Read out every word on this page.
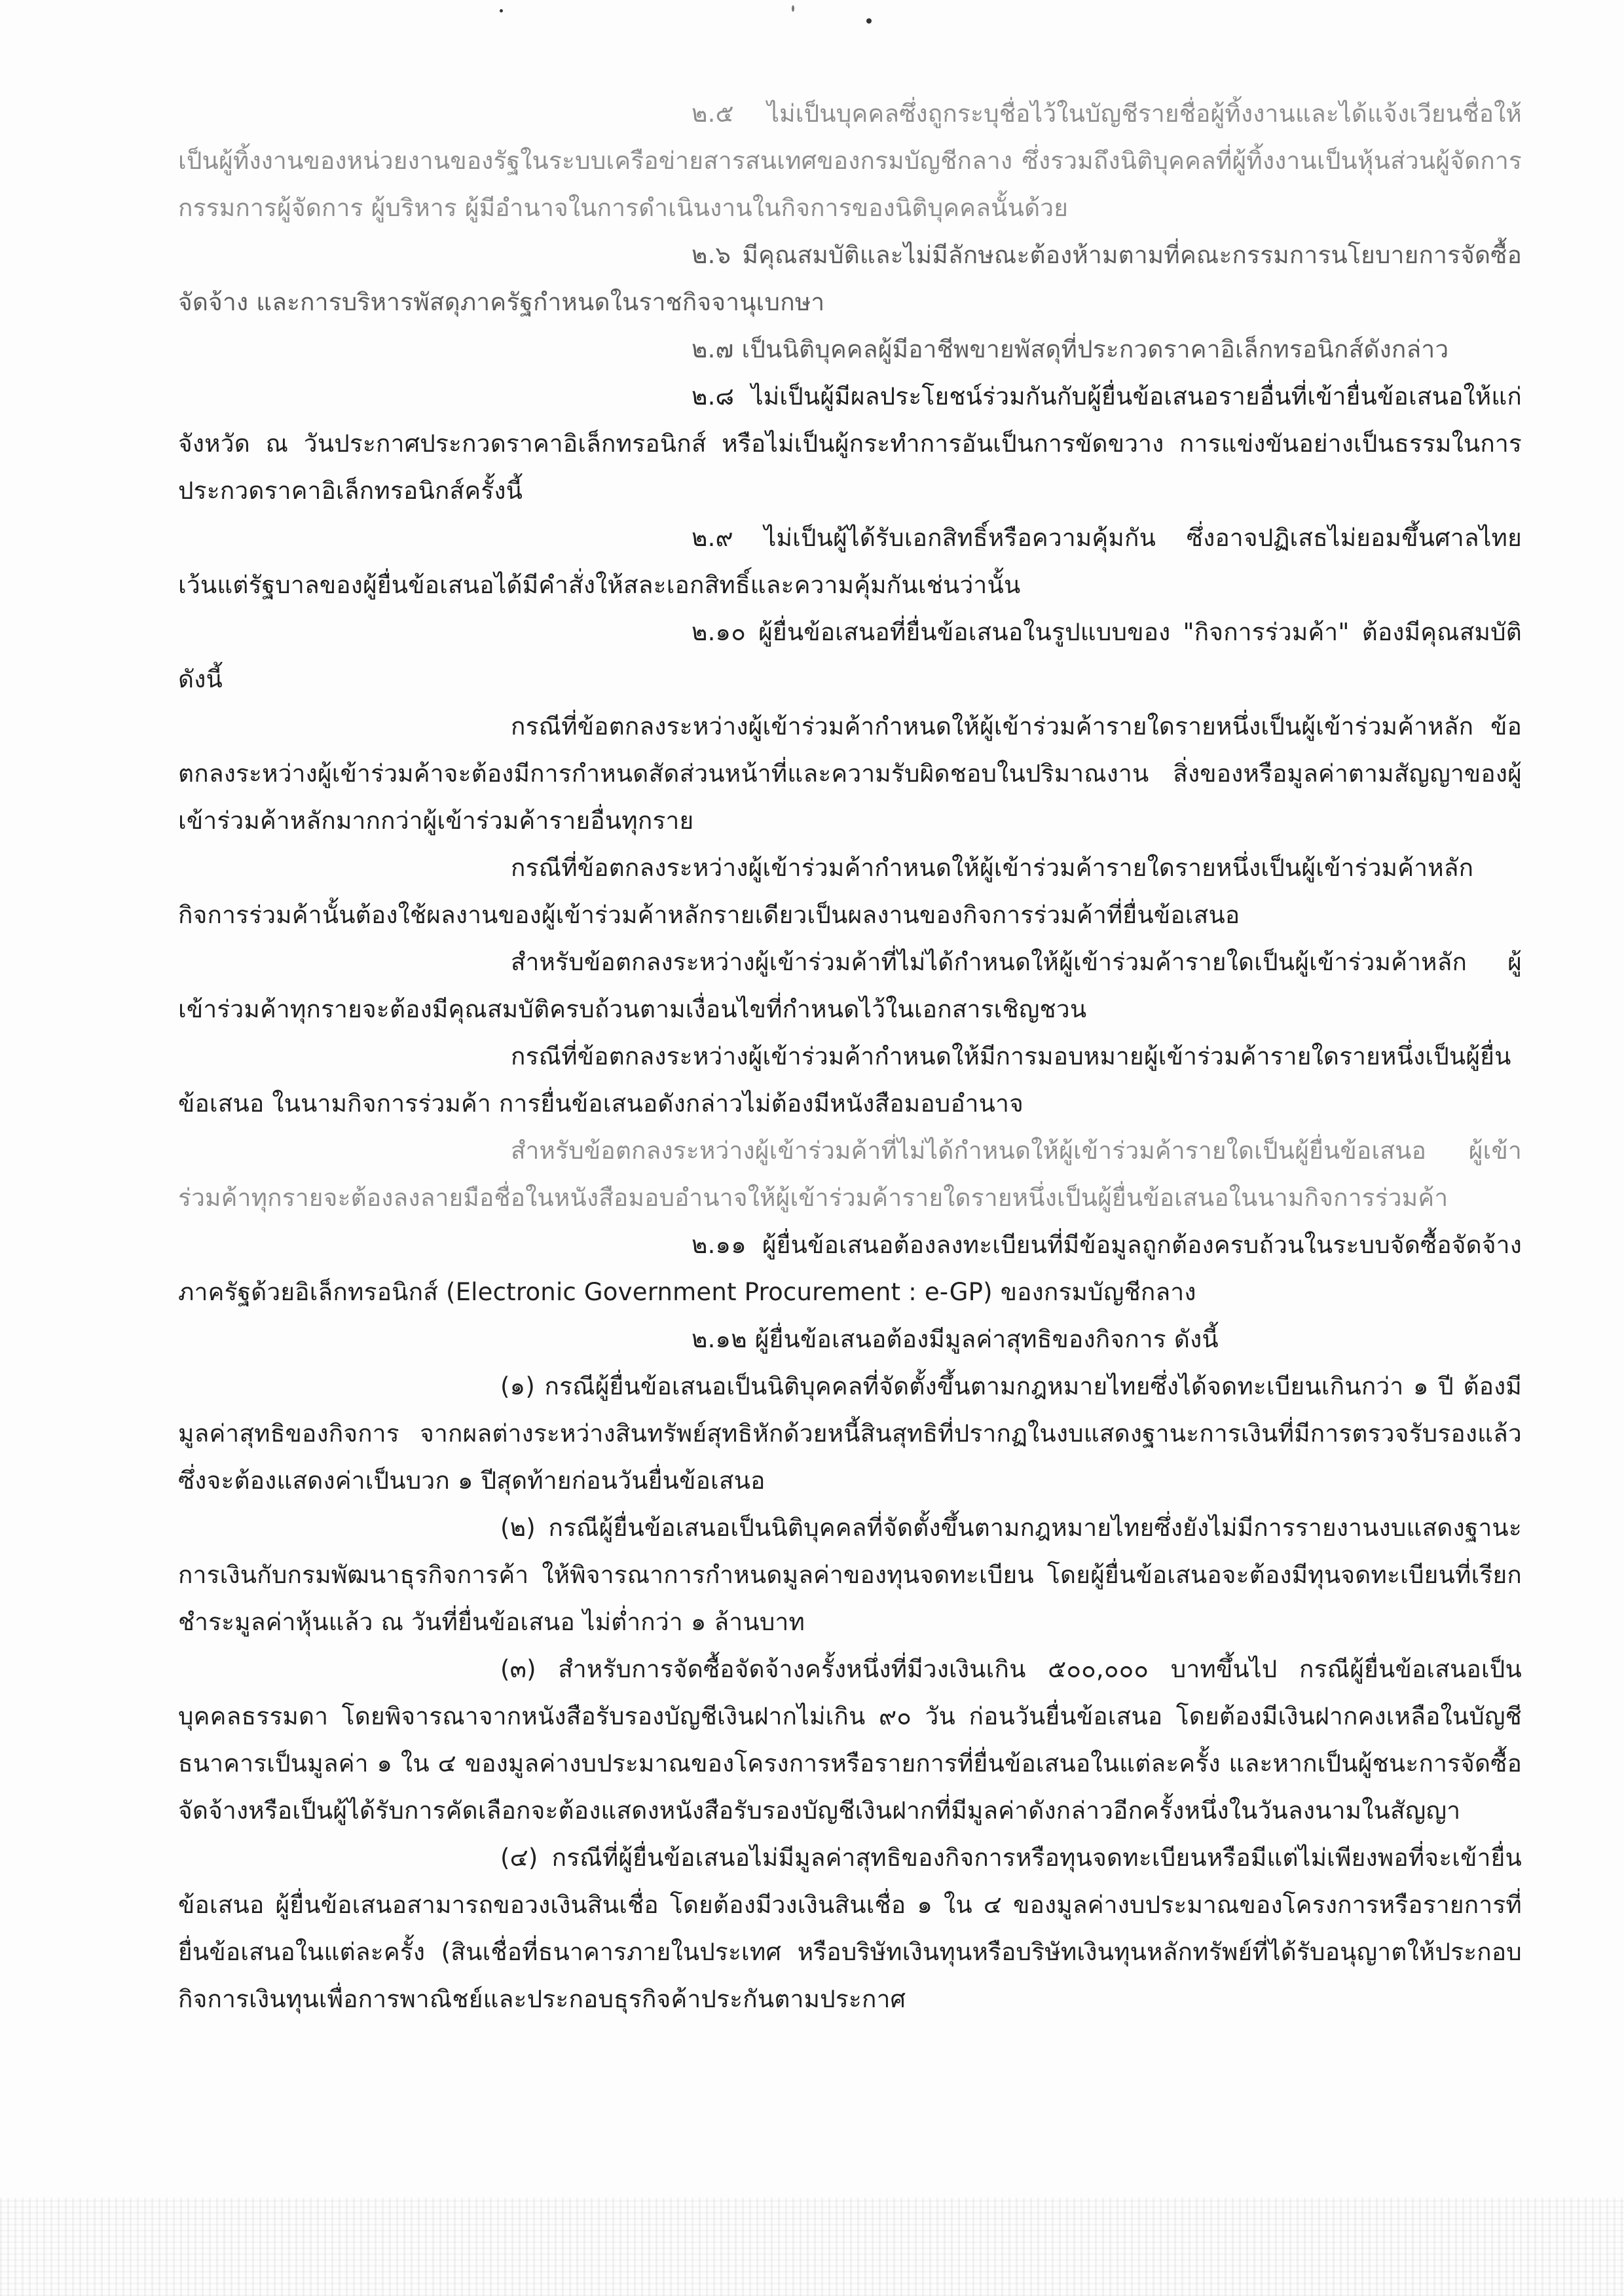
๒.๕ ไม่เป็นบุคคลซึ่งถูกระบุชื่อไว้ในบัญชีรายชื่อผู้ทิ้งงานและได้แจ้งเวียนชื่อให้เป็นผู้ทิ้งงานของหน่วยงานของรัฐในระบบเครือข่ายสารสนเทศของกรมบัญชีกลาง ซึ่งรวมถึงนิติบุคคลที่ผู้ทิ้งงานเป็นหุ้นส่วนผู้จัดการ กรรมการผู้จัดการ ผู้บริหาร ผู้มีอำนาจในการดำเนินงานในกิจการของนิติบุคคลนั้นด้วย

๒.๖ มีคุณสมบัติและไม่มีลักษณะต้องห้ามตามที่คณะกรรมการนโยบายการจัดซื้อจัดจ้าง และการบริหารพัสดุภาครัฐกำหนดในราชกิจจานุเบกษา

๒.๗ เป็นนิติบุคคลผู้มีอาชีพขายพัสดุที่ประกวดราคาอิเล็กทรอนิกส์ดังกล่าว

๒.๘ ไม่เป็นผู้มีผลประโยชน์ร่วมกันกับผู้ยื่นข้อเสนอรายอื่นที่เข้ายื่นข้อเสนอให้แก่ จังหวัด ณ วันประกาศประกวดราคาอิเล็กทรอนิกส์ หรือไม่เป็นผู้กระทำการอันเป็นการขัดขวาง การแข่งขันอย่างเป็นธรรมในการประกวดราคาอิเล็กทรอนิกส์ครั้งนี้

๒.๙ ไม่เป็นผู้ได้รับเอกสิทธิ์หรือความคุ้มกัน ซึ่งอาจปฏิเสธไม่ยอมขึ้นศาลไทย เว้นแต่รัฐบาลของผู้ยื่นข้อเสนอได้มีคำสั่งให้สละเอกสิทธิ์และความคุ้มกันเช่นว่านั้น

๒.๑๐ ผู้ยื่นข้อเสนอที่ยื่นข้อเสนอในรูปแบบของ "กิจการร่วมค้า" ต้องมีคุณสมบัติดังนี้

กรณีที่ข้อตกลงระหว่างผู้เข้าร่วมค้ากำหนดให้ผู้เข้าร่วมค้ารายใดรายหนึ่งเป็นผู้เข้าร่วมค้าหลัก ข้อตกลงระหว่างผู้เข้าร่วมค้าจะต้องมีการกำหนดสัดส่วนหน้าที่และความรับผิดชอบในปริมาณงาน สิ่งของหรือมูลค่าตามสัญญาของผู้เข้าร่วมค้าหลักมากกว่าผู้เข้าร่วมค้ารายอื่นทุกราย

กรณีที่ข้อตกลงระหว่างผู้เข้าร่วมค้ากำหนดให้ผู้เข้าร่วมค้ารายใดรายหนึ่งเป็นผู้เข้าร่วมค้าหลัก กิจการร่วมค้านั้นต้องใช้ผลงานของผู้เข้าร่วมค้าหลักรายเดียวเป็นผลงานของกิจการร่วมค้าที่ยื่นข้อเสนอ

สำหรับข้อตกลงระหว่างผู้เข้าร่วมค้าที่ไม่ได้กำหนดให้ผู้เข้าร่วมค้ารายใดเป็นผู้เข้าร่วมค้าหลัก ผู้เข้าร่วมค้าทุกรายจะต้องมีคุณสมบัติครบถ้วนตามเงื่อนไขที่กำหนดไว้ในเอกสารเชิญชวน

กรณีที่ข้อตกลงระหว่างผู้เข้าร่วมค้ากำหนดให้มีการมอบหมายผู้เข้าร่วมค้ารายใดรายหนึ่งเป็นผู้ยื่นข้อเสนอ ในนามกิจการร่วมค้า การยื่นข้อเสนอดังกล่าวไม่ต้องมีหนังสือมอบอำนาจ

สำหรับข้อตกลงระหว่างผู้เข้าร่วมค้าที่ไม่ได้กำหนดให้ผู้เข้าร่วมค้ารายใดเป็นผู้ยื่นข้อเสนอ ผู้เข้าร่วมค้าทุกรายจะต้องลงลายมือชื่อในหนังสือมอบอำนาจให้ผู้เข้าร่วมค้ารายใดรายหนึ่งเป็นผู้ยื่นข้อเสนอในนามกิจการร่วมค้า

๒.๑๑ ผู้ยื่นข้อเสนอต้องลงทะเบียนที่มีข้อมูลถูกต้องครบถ้วนในระบบจัดซื้อจัดจ้างภาครัฐด้วยอิเล็กทรอนิกส์ (Electronic Government Procurement : e-GP) ของกรมบัญชีกลาง

๒.๑๒ ผู้ยื่นข้อเสนอต้องมีมูลค่าสุทธิของกิจการ ดังนี้

(๑) กรณีผู้ยื่นข้อเสนอเป็นนิติบุคคลที่จัดตั้งขึ้นตามกฎหมายไทยซึ่งได้จดทะเบียนเกินกว่า ๑ ปี ต้องมีมูลค่าสุทธิของกิจการ จากผลต่างระหว่างสินทรัพย์สุทธิหักด้วยหนี้สินสุทธิที่ปรากฏในงบแสดงฐานะการเงินที่มีการตรวจรับรองแล้ว ซึ่งจะต้องแสดงค่าเป็นบวก ๑ ปีสุดท้ายก่อนวันยื่นข้อเสนอ

(๒) กรณีผู้ยื่นข้อเสนอเป็นนิติบุคคลที่จัดตั้งขึ้นตามกฎหมายไทยซึ่งยังไม่มีการรายงานงบแสดงฐานะการเงินกับกรมพัฒนาธุรกิจการค้า ให้พิจารณาการกำหนดมูลค่าของทุนจดทะเบียน โดยผู้ยื่นข้อเสนอจะต้องมีทุนจดทะเบียนที่เรียกชำระมูลค่าหุ้นแล้ว ณ วันที่ยื่นข้อเสนอ ไม่ต่ำกว่า ๑ ล้านบาท

(๓) สำหรับการจัดซื้อจัดจ้างครั้งหนึ่งที่มีวงเงินเกิน ๕๐๐,๐๐๐ บาทขึ้นไป กรณีผู้ยื่นข้อเสนอเป็นบุคคลธรรมดา โดยพิจารณาจากหนังสือรับรองบัญชีเงินฝากไม่เกิน ๙๐ วัน ก่อนวันยื่นข้อเสนอ โดยต้องมีเงินฝากคงเหลือในบัญชีธนาคารเป็นมูลค่า ๑ ใน ๔ ของมูลค่างบประมาณของโครงการหรือรายการที่ยื่นข้อเสนอในแต่ละครั้ง และหากเป็นผู้ชนะการจัดซื้อจัดจ้างหรือเป็นผู้ได้รับการคัดเลือกจะต้องแสดงหนังสือรับรองบัญชีเงินฝากที่มีมูลค่าดังกล่าวอีกครั้งหนึ่งในวันลงนามในสัญญา

(๔) กรณีที่ผู้ยื่นข้อเสนอไม่มีมูลค่าสุทธิของกิจการหรือทุนจดทะเบียนหรือมีแต่ไม่เพียงพอที่จะเข้ายื่นข้อเสนอ ผู้ยื่นข้อเสนอสามารถขอวงเงินสินเชื่อ โดยต้องมีวงเงินสินเชื่อ ๑ ใน ๔ ของมูลค่างบประมาณของโครงการหรือรายการที่ยื่นข้อเสนอในแต่ละครั้ง (สินเชื่อที่ธนาคารภายในประเทศ หรือบริษัทเงินทุนหรือบริษัทเงินทุนหลักทรัพย์ที่ได้รับอนุญาตให้ประกอบกิจการเงินทุนเพื่อการพาณิชย์และประกอบธุรกิจค้าประกันตามประกาศ
